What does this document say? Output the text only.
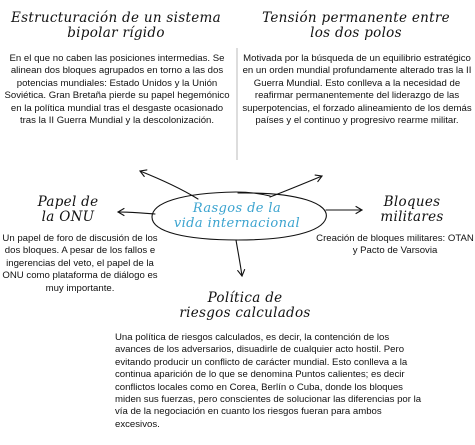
Rasgos de la
vida internacional
Estructuración de un sistema
bipolar rígido

En el que no caben las posiciones intermedias. Se alinean dos bloques agrupados en torno a las dos potencias mundiales: Estado Unidos y la Unión Soviética. Gran Bretaña pierde su papel hegemónico en la política mundial tras el desgaste ocasionado tras la II Guerra Mundial y la descolonización.

Tensión permanente entre
los dos polos

Motivada por la búsqueda de un equilibrio estratégico en un orden mundial profundamente alterado tras la II Guerra Mundial. Esto conlleva a la necesidad de reafirmar permanentemente del liderazgo de las superpotencias, el forzado alineamiento de los demás países y el continuo y progresivo rearme militar.

Papel de
la ONU

Un papel de foro de discusión de los dos bloques. A pesar de los fallos e ingerencias del veto, el papel de la ONU como plataforma de diálogo es muy importante.

Bloques
militares

Creación de bloques militares: OTAN y Pacto de Varsovia

Política de
riesgos calculados

Una política de riesgos calculados, es decir, la contención de los avances de los adversarios, disuadirle de cualquier acto hostil. Pero evitando producir un conflicto de carácter mundial. Esto conlleva a la continua aparición de lo que se denomina Puntos calientes; es decir conflictos locales como en Corea, Berlín o Cuba, donde los bloques miden sus fuerzas, pero conscientes de solucionar las diferencias por la vía de la negociación en cuanto los riesgos fueran para ambos excesivos.
